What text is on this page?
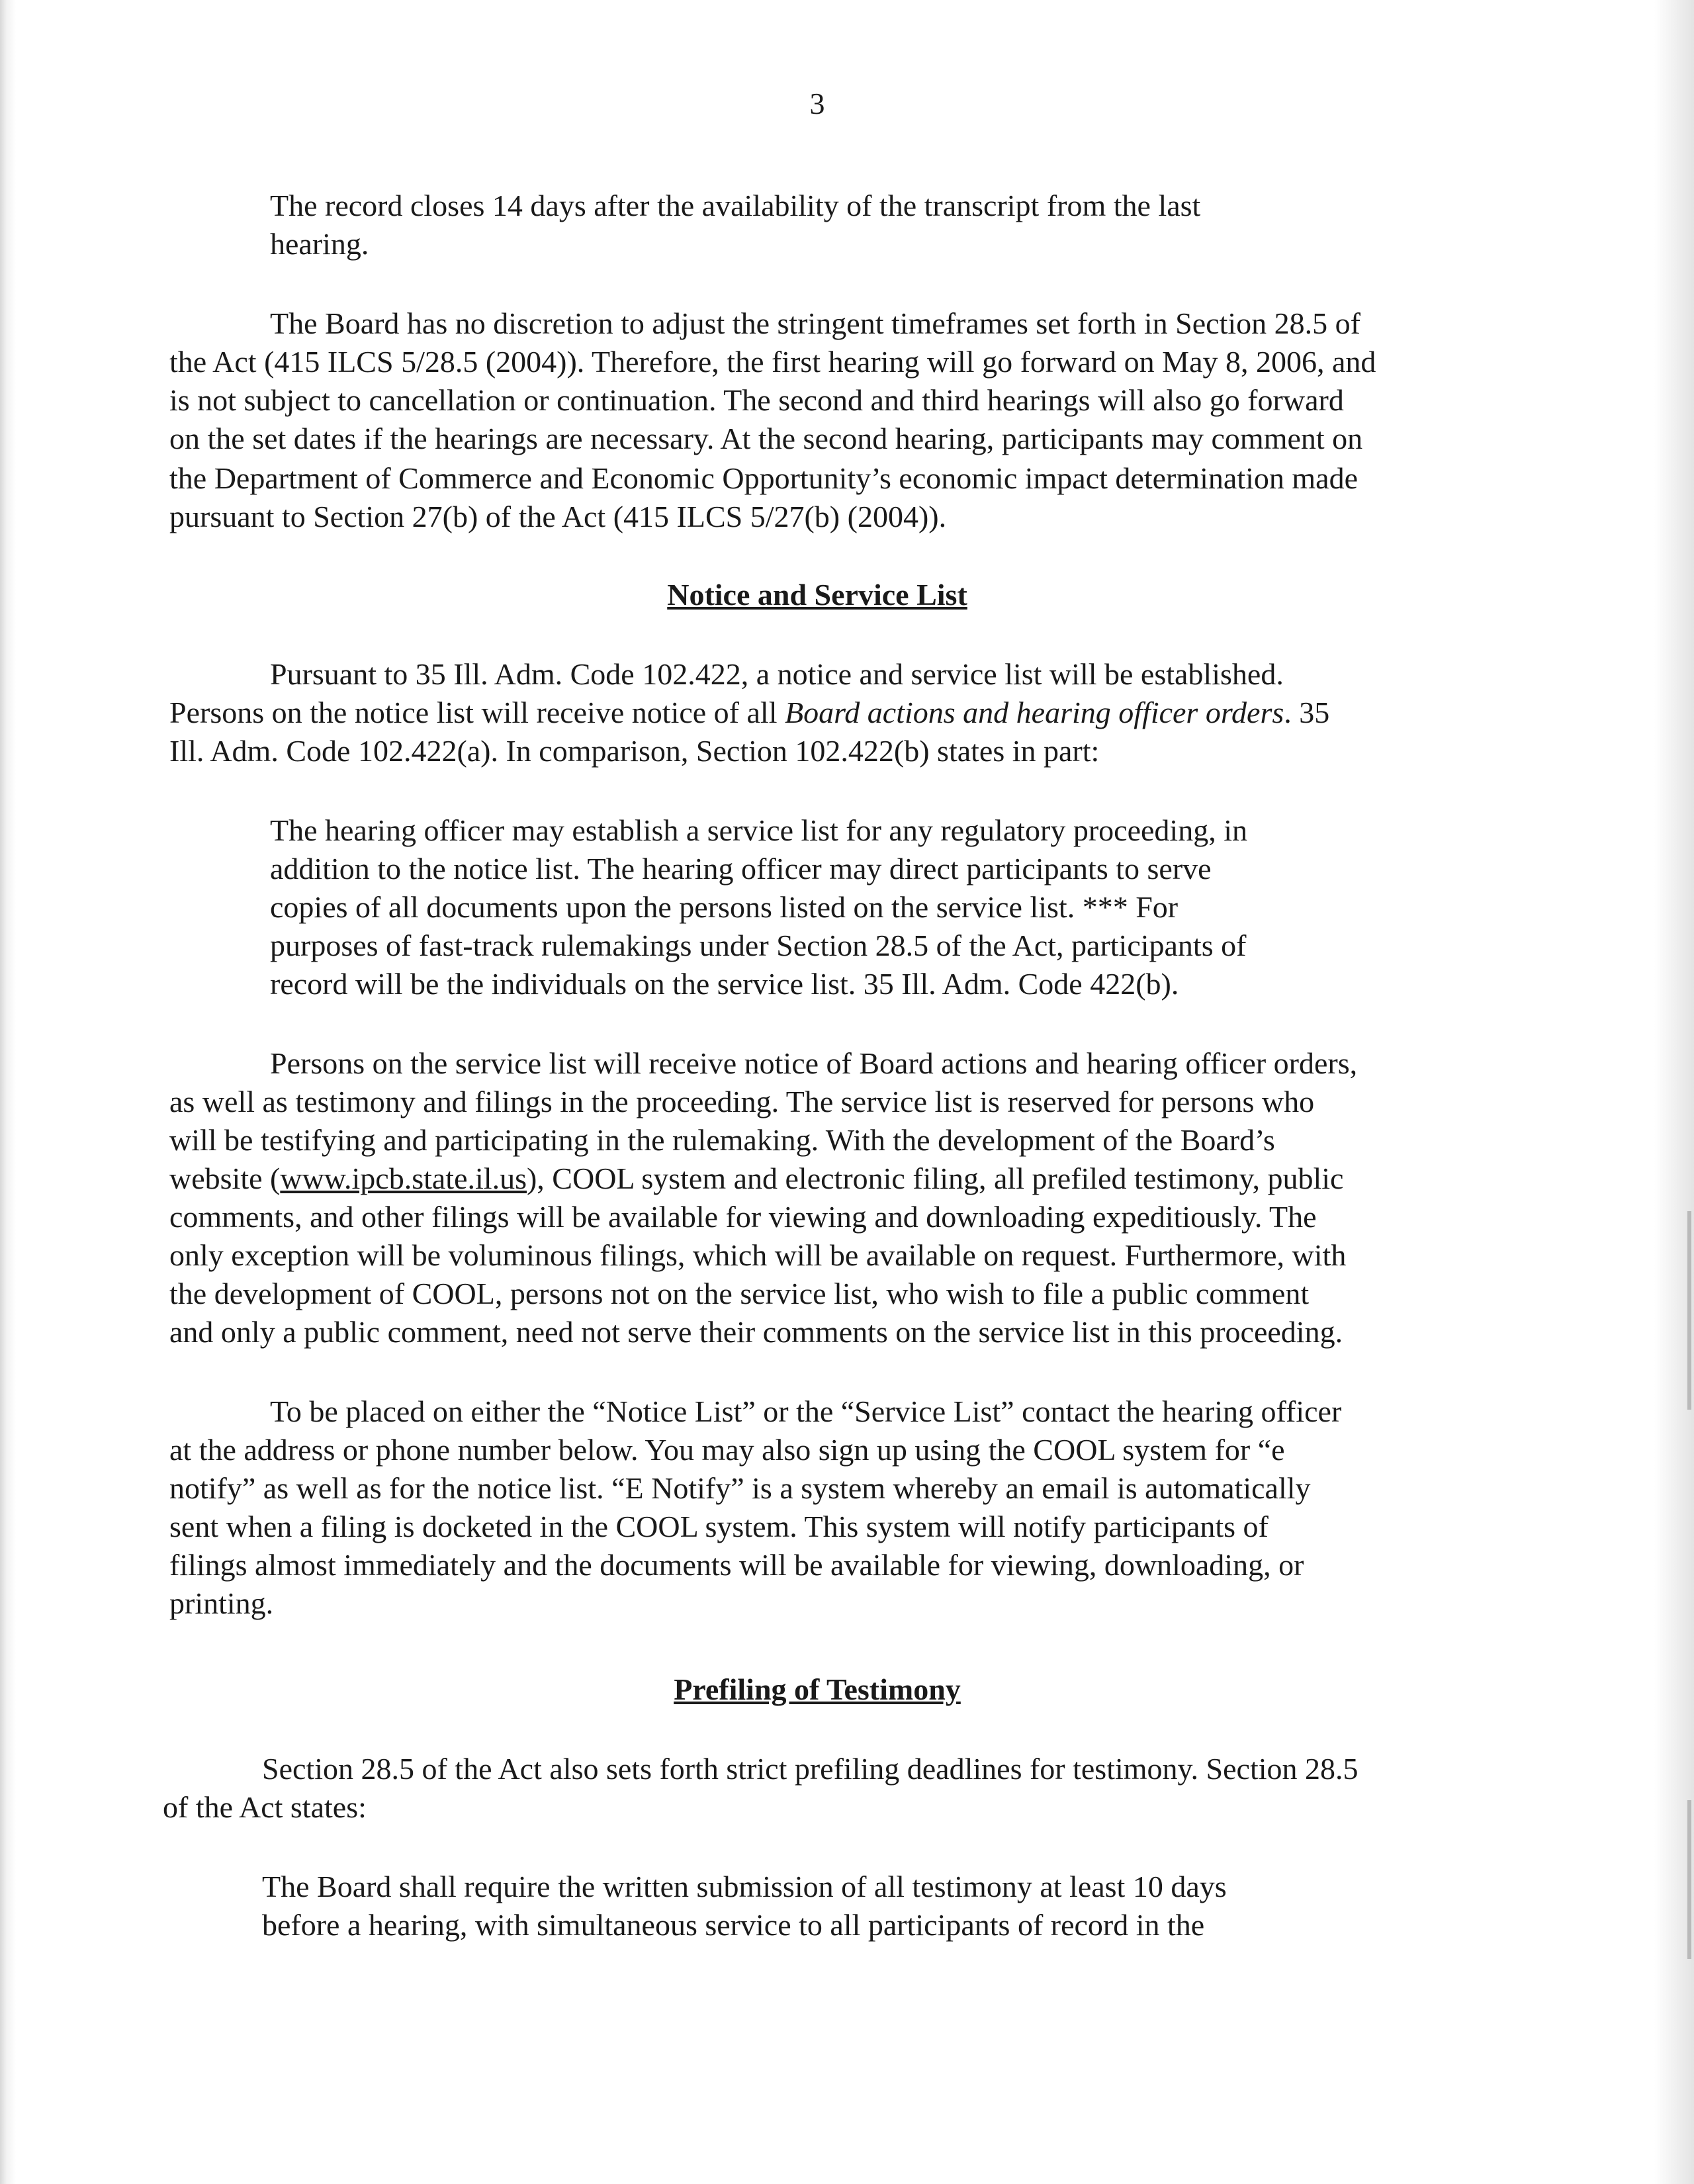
3
The record closes 14 days after the availability of the transcript from the last
hearing.
The Board has no discretion to adjust the stringent timeframes set forth in Section 28.5 of
the Act (415 ILCS 5/28.5 (2004)). Therefore, the first hearing will go forward on May 8, 2006, and
is not subject to cancellation or continuation. The second and third hearings will also go forward
on the set dates if the hearings are necessary. At the second hearing, participants may comment on
the Department of Commerce and Economic Opportunity’s economic impact determination made
pursuant to Section 27(b) of the Act (415 ILCS 5/27(b) (2004)).
Notice and Service List
Pursuant to 35 Ill. Adm. Code 102.422, a notice and service list will be established.
Persons on the notice list will receive notice of all Board actions and hearing officer orders. 35
Ill. Adm. Code 102.422(a). In comparison, Section 102.422(b) states in part:
The hearing officer may establish a service list for any regulatory proceeding, in
addition to the notice list. The hearing officer may direct participants to serve
copies of all documents upon the persons listed on the service list. *** For
purposes of fast-track rulemakings under Section 28.5 of the Act, participants of
record will be the individuals on the service list. 35 Ill. Adm. Code 422(b).
Persons on the service list will receive notice of Board actions and hearing officer orders,
as well as testimony and filings in the proceeding. The service list is reserved for persons who
will be testifying and participating in the rulemaking. With the development of the Board’s
website (www.ipcb.state.il.us), COOL system and electronic filing, all prefiled testimony, public
comments, and other filings will be available for viewing and downloading expeditiously. The
only exception will be voluminous filings, which will be available on request. Furthermore, with
the development of COOL, persons not on the service list, who wish to file a public comment
and only a public comment, need not serve their comments on the service list in this proceeding.
To be placed on either the “Notice List” or the “Service List” contact the hearing officer
at the address or phone number below. You may also sign up using the COOL system for “e
notify” as well as for the notice list. “E Notify” is a system whereby an email is automatically
sent when a filing is docketed in the COOL system. This system will notify participants of
filings almost immediately and the documents will be available for viewing, downloading, or
printing.
Prefiling of Testimony
Section 28.5 of the Act also sets forth strict prefiling deadlines for testimony. Section 28.5
of the Act states:
The Board shall require the written submission of all testimony at least 10 days
before a hearing, with simultaneous service to all participants of record in the
